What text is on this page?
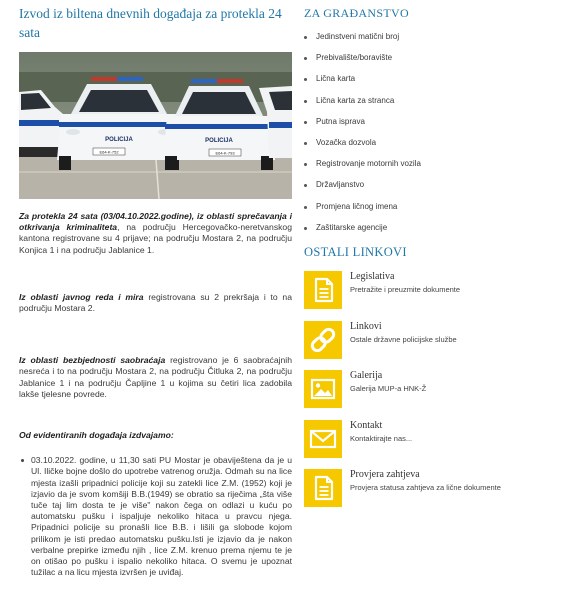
Izvod iz biltena dnevnih događaja za protekla 24 sata
POLICIJA
E64-K-752
POLICIJA
E64-K-793

Za protekla 24 sata (03/04.10.2022.godine), iz oblasti sprečavanja i otkrivanja kriminaliteta, na području Hercegovačko-neretvanskog kantona registrovane su 4 prijave; na području Mostara 2, na području Konjica 1 i na području Jablanice 1.

Iz oblasti javnog reda i mira registrovana su 2 prekršaja i to na području Mostara 2.

Iz oblasti bezbjednosti saobraćaja registrovano je 6 saobraćajnih nesreća i to na području Mostara 2, na području Čitluka 2, na području Jablanice 1 i na području Čapljine 1 u kojima su četiri lica zadobila lakše tjelesne povrede.

Od evidentiranih događaja izdvajamo:

03.10.2022. godine, u 11,30 sati PU Mostar je obaviještena da je u Ul. Iličke bojne došlo do upotrebe vatrenog oružja. Odmah su na lice mjesta izašli pripadnici policije koji su zatekli lice Z.M. (1952) koji je izjavio da je svom komšiji B.B.(1949) se obratio sa riječima „šta više tuče taj lim dosta te je više" nakon čega on odlazi u kuću po automatsku pušku i ispaljuje nekoliko hitaca u pravcu njega. Pripadnici policije su pronašli lice B.B. i lišili ga slobode kojom prilikom je isti predao automatsku pušku.Isti je izjavio da je nakon verbalne prepirke između njih , lice Z.M. krenuo prema njemu te je on otišao po pušku i ispalio nekoliko hitaca. O svemu je upoznat tužilac a na licu mjesta izvršen je uviđaj.
ZA GRAĐANSTVO
Jedinstveni matični broj
Prebivalište/boravište
Lična karta
Lična karta za stranca
Putna isprava
Vozačka dozvola
Registrovanje motornih vozila
Državljanstvo
Promjena ličnog imena
Zaštitarske agencije
OSTALI LINKOVI
Legislativa
Pretražite i preuzmite dokumente
Linkovi
Ostale državne policijske službe
Galerija
Galerija MUP-a HNK-Ž
Kontakt
Kontaktirajte nas...
Provjera zahtjeva
Provjera statusa zahtjeva za lične dokumente
